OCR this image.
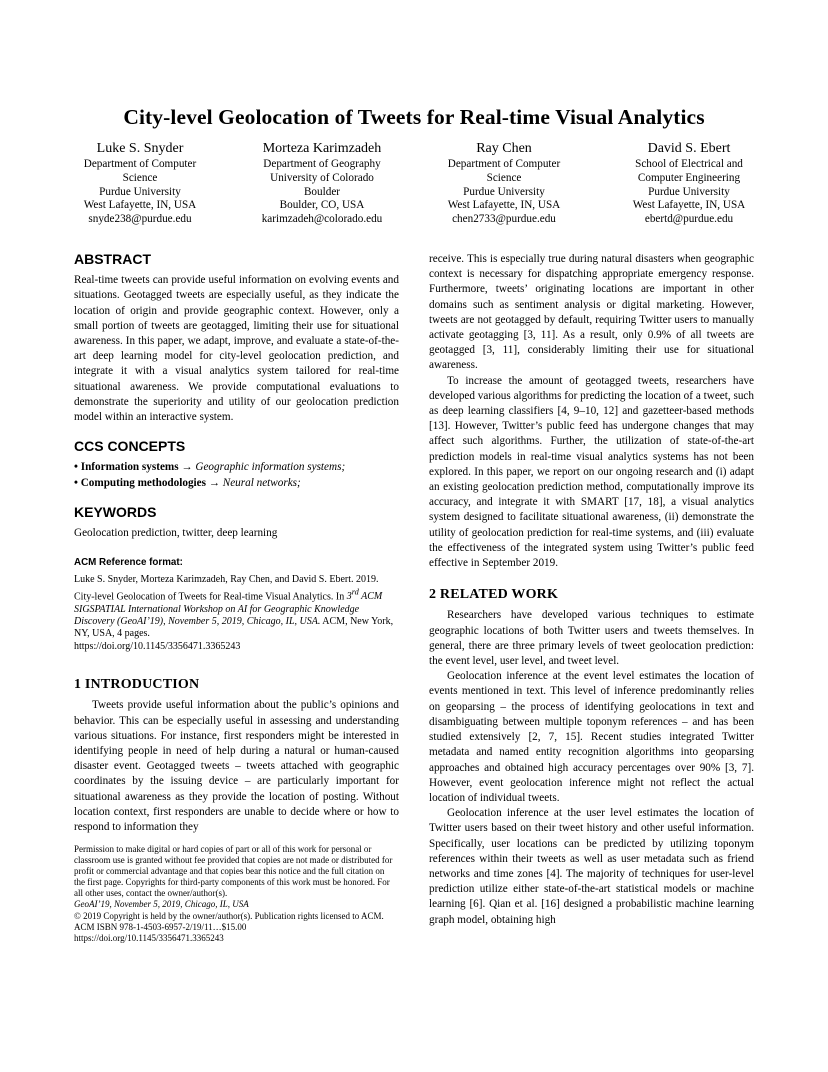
City-level Geolocation of Tweets for Real-time Visual Analytics
Luke S. Snyder
Department of Computer
Science
Purdue University
West Lafayette, IN, USA
snyde238@purdue.edu
Morteza Karimzadeh
Department of Geography
University of Colorado
Boulder
Boulder, CO, USA
karimzadeh@colorado.edu
Ray Chen
Department of Computer
Science
Purdue University
West Lafayette, IN, USA
chen2733@purdue.edu
David S. Ebert
School of Electrical and
Computer Engineering
Purdue University
West Lafayette, IN, USA
ebertd@purdue.edu
ABSTRACT

Real-time tweets can provide useful information on evolving events and situations. Geotagged tweets are especially useful, as they indicate the location of origin and provide geographic context. However, only a small portion of tweets are geotagged, limiting their use for situational awareness. In this paper, we adapt, improve, and evaluate a state-of-the-art deep learning model for city-level geolocation prediction, and integrate it with a visual analytics system tailored for real-time situational awareness. We provide computational evaluations to demonstrate the superiority and utility of our geolocation prediction model within an interactive system.

CCS CONCEPTS
• Information systems → Geographic information systems;
• Computing methodologies → Neural networks;
KEYWORDS

Geolocation prediction, twitter, deep learning

ACM Reference format:
Luke S. Snyder, Morteza Karimzadeh, Ray Chen, and David S. Ebert. 2019. City-level Geolocation of Tweets for Real-time Visual Analytics. In 3rd ACM SIGSPATIAL International Workshop on AI for Geographic Knowledge Discovery (GeoAI’19), November 5, 2019, Chicago, IL, USA. ACM, New York, NY, USA, 4 pages.
https://doi.org/10.1145/3356471.3365243
1 INTRODUCTION

Tweets provide useful information about the public’s opinions and behavior. This can be especially useful in assessing and understanding various situations. For instance, first responders might be interested in identifying people in need of help during a natural or human-caused disaster event. Geotagged tweets – tweets attached with geographic coordinates by the issuing device – are particularly important for situational awareness as they provide the location of posting. Without location context, first responders are unable to decide where or how to respond to information they

Permission to make digital or hard copies of part or all of this work for personal or classroom use is granted without fee provided that copies are not made or distributed for profit or commercial advantage and that copies bear this notice and the full citation on the first page. Copyrights for third-party components of this work must be honored. For all other uses, contact the owner/author(s).
GeoAI’19, November 5, 2019, Chicago, IL, USA
© 2019 Copyright is held by the owner/author(s). Publication rights licensed to ACM.
ACM ISBN 978-1-4503-6957-2/19/11…$15.00
https://doi.org/10.1145/3356471.3365243

receive. This is especially true during natural disasters when geographic context is necessary for dispatching appropriate emergency response. Furthermore, tweets’ originating locations are important in other domains such as sentiment analysis or digital marketing. However, tweets are not geotagged by default, requiring Twitter users to manually activate geotagging [3, 11]. As a result, only 0.9% of all tweets are geotagged [3, 11], considerably limiting their use for situational awareness.

To increase the amount of geotagged tweets, researchers have developed various algorithms for predicting the location of a tweet, such as deep learning classifiers [4, 9–10, 12] and gazetteer-based methods [13]. However, Twitter’s public feed has undergone changes that may affect such algorithms. Further, the utilization of state-of-the-art prediction models in real-time visual analytics systems has not been explored. In this paper, we report on our ongoing research and (i) adapt an existing geolocation prediction method, computationally improve its accuracy, and integrate it with SMART [17, 18], a visual analytics system designed to facilitate situational awareness, (ii) demonstrate the utility of geolocation prediction for real-time systems, and (iii) evaluate the effectiveness of the integrated system using Twitter’s public feed effective in September 2019.

2 RELATED WORK

Researchers have developed various techniques to estimate geographic locations of both Twitter users and tweets themselves. In general, there are three primary levels of tweet geolocation prediction: the event level, user level, and tweet level.

Geolocation inference at the event level estimates the location of events mentioned in text. This level of inference predominantly relies on geoparsing – the process of identifying geolocations in text and disambiguating between multiple toponym references – and has been studied extensively [2, 7, 15]. Recent studies integrated Twitter metadata and named entity recognition algorithms into geoparsing approaches and obtained high accuracy percentages over 90% [3, 7]. However, event geolocation inference might not reflect the actual location of individual tweets.

Geolocation inference at the user level estimates the location of Twitter users based on their tweet history and other useful information. Specifically, user locations can be predicted by utilizing toponym references within their tweets as well as user metadata such as friend networks and time zones [4]. The majority of techniques for user-level prediction utilize either state-of-the-art statistical models or machine learning [6]. Qian et al. [16] designed a probabilistic machine learning graph model, obtaining high
